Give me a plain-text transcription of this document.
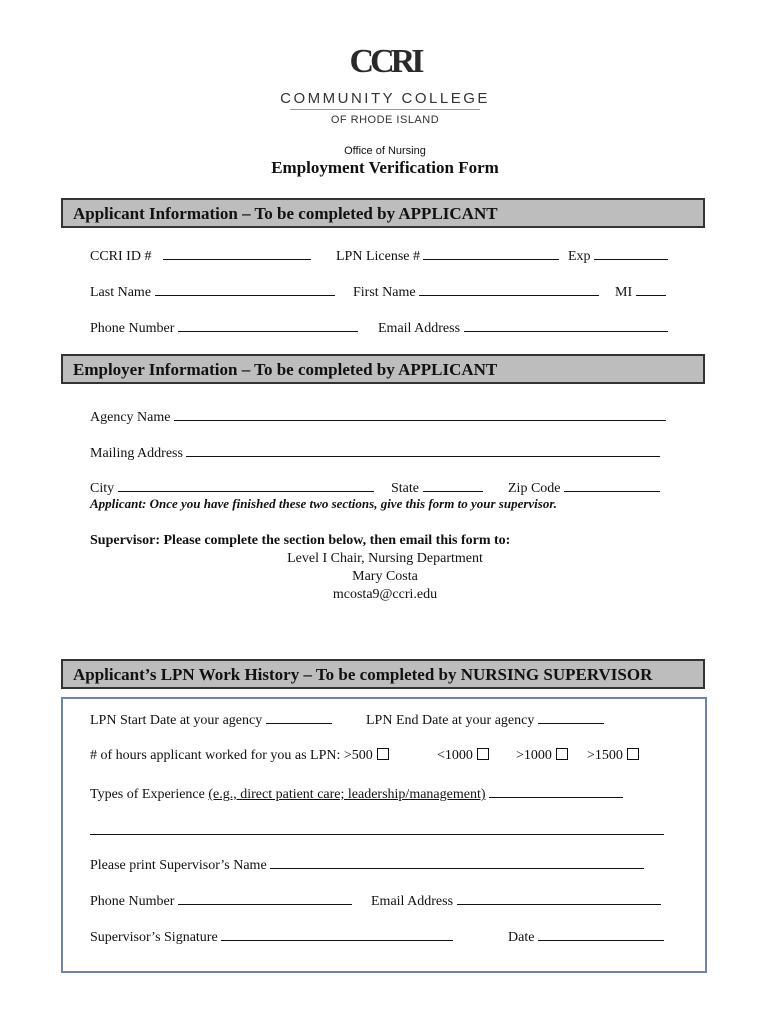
CCRI
COMMUNITY COLLEGE
OF RHODE ISLAND
Office of Nursing
Employment Verification Form
Applicant Information – To be completed by APPLICANT
CCRI ID #	LPN License #	Exp
Last Name	First Name	MI
Phone Number	Email Address
Employer Information – To be completed by APPLICANT
Agency Name
Mailing Address
City	State	Zip Code
Applicant: Once you have finished these two sections, give this form to your supervisor.
Supervisor: Please complete the section below, then email this form to:
Level I Chair, Nursing Department
Mary Costa
mcosta9@ccri.edu
Applicant’s LPN Work History – To be completed by NURSING SUPERVISOR
LPN Start Date at your agency	LPN End Date at your agency
# of hours applicant worked for you as LPN: >500	<1000	>1000	>1500
Types of Experience (e.g., direct patient care; leadership/management)
Please print Supervisor’s Name
Phone Number	Email Address
Supervisor’s Signature	Date
